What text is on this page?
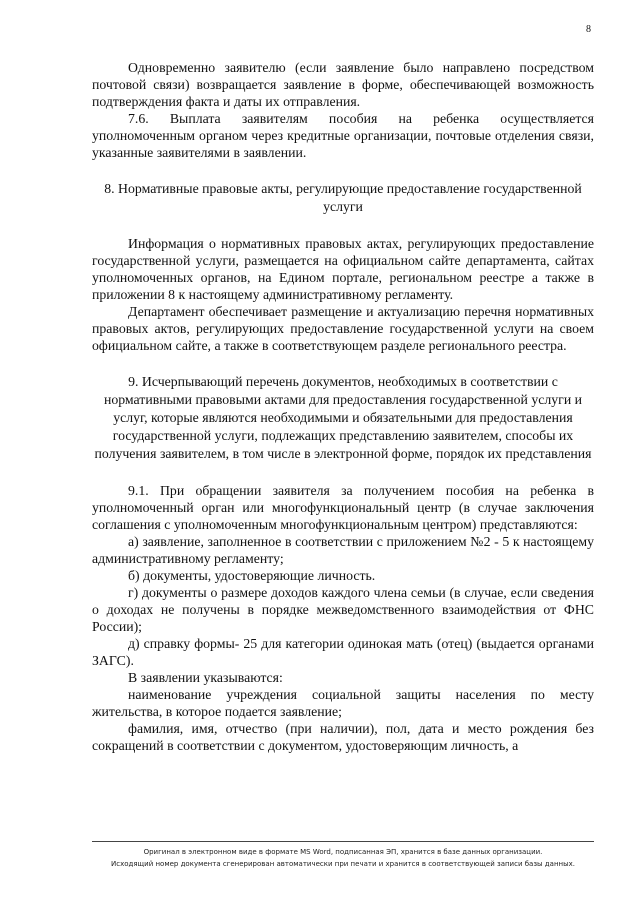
8

Одновременно заявителю (если заявление было направлено посредством почтовой связи) возвращается заявление в форме, обеспечивающей возможность подтверждения факта и даты их отправления.

7.6. Выплата заявителям пособия на ребенка осуществляется уполномоченным органом через кредитные организации, почтовые отделения связи, указанные заявителями в заявлении.

8. Нормативные правовые акты, регулирующие предоставление государственной услуги

Информация о нормативных правовых актах, регулирующих предоставление государственной услуги, размещается на официальном сайте департамента, сайтах уполномоченных органов, на Едином портале, региональном реестре а также в приложении 8 к настоящему административному регламенту.

Департамент обеспечивает размещение и актуализацию перечня нормативных правовых актов, регулирующих предоставление государственной услуги на своем официальном сайте, а также в соответствующем разделе регионального реестра.

9. Исчерпывающий перечень документов, необходимых в соответствии с нормативными правовыми актами для предоставления государственной услуги и услуг, которые являются необходимыми и обязательными для предоставления государственной услуги, подлежащих представлению заявителем, способы их получения заявителем, в том числе в электронной форме, порядок их представления

9.1. При обращении заявителя за получением пособия на ребенка в уполномоченный орган или многофункциональный центр (в случае заключения соглашения с уполномоченным многофункциональным центром) представляются:

а) заявление, заполненное в соответствии с приложением №2 - 5 к настоящему административному регламенту;

б) документы, удостоверяющие личность.

г) документы о размере доходов каждого члена семьи (в случае, если сведения о доходах не получены в порядке межведомственного взаимодействия от ФНС России);

д) справку формы- 25 для категории одинокая мать (отец) (выдается органами ЗАГС).

В заявлении указываются:

наименование учреждения социальной защиты населения по месту жительства, в которое подается заявление;

фамилия, имя, отчество (при наличии), пол, дата и место рождения без сокращений в соответствии с документом, удостоверяющим личность, а

Оригинал в электронном виде в формате MS Word, подписанная ЭП, хранится в базе данных организации.
Исходящий номер документа сгенерирован автоматически при печати и хранится в соответствующей записи базы данных.
